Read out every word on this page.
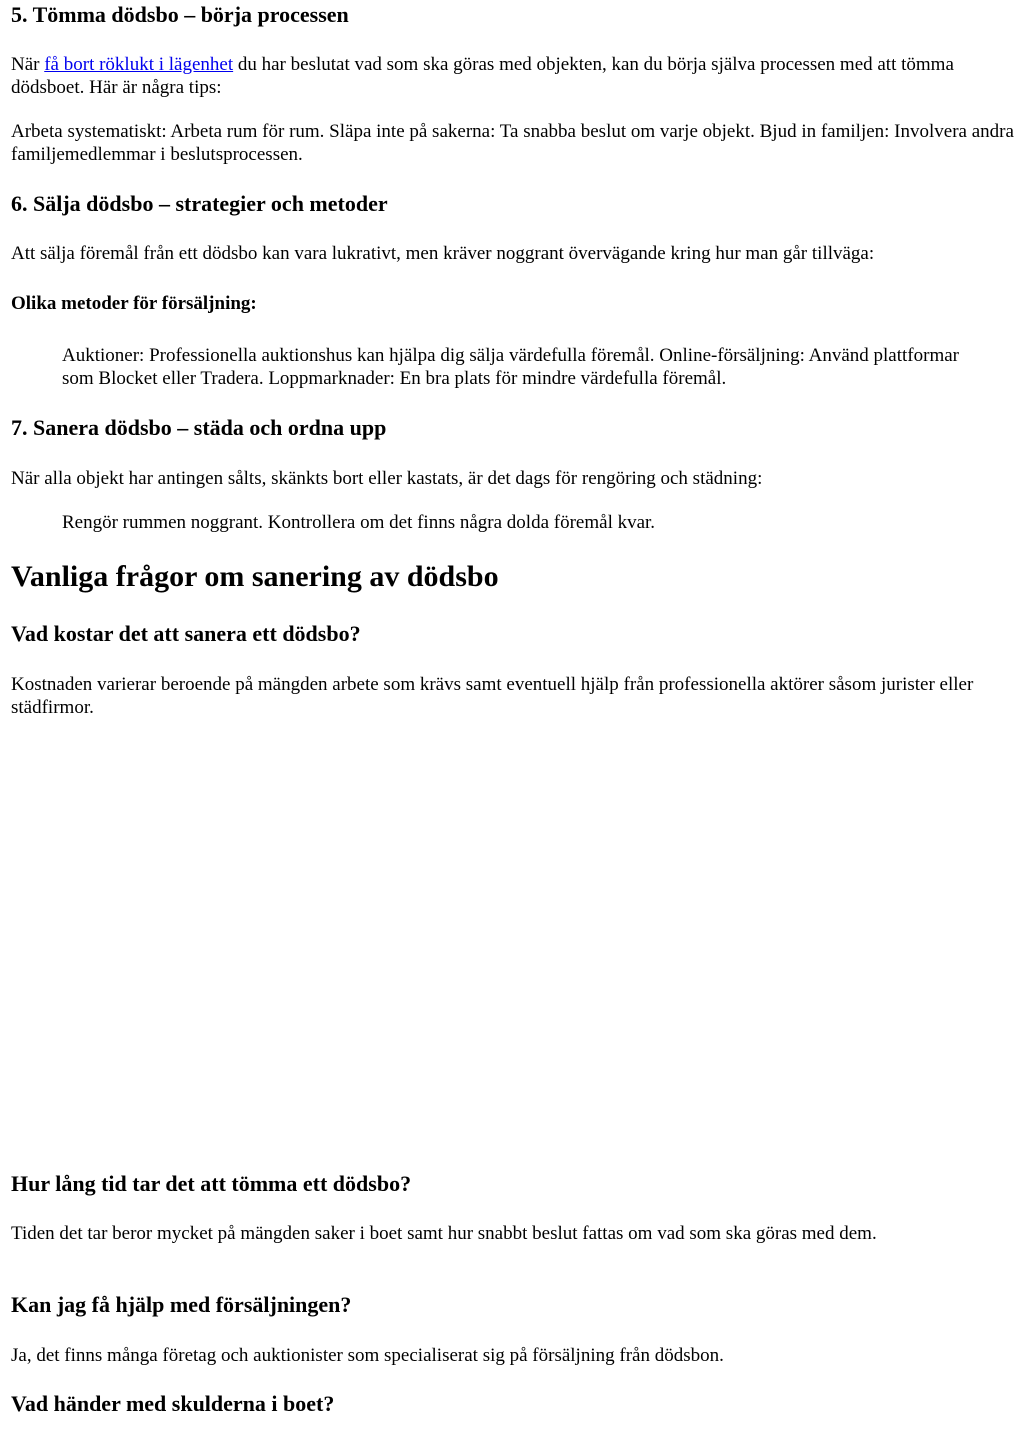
5. Tömma dödsbo – börja processen

När få bort röklukt i lägenhet du har beslutat vad som ska göras med objekten, kan du börja själva processen med att tömma dödsboet. Här är några tips:

Arbeta systematiskt: Arbeta rum för rum. Släpa inte på sakerna: Ta snabba beslut om varje objekt. Bjud in familjen: Involvera andra familjemedlemmar i beslutsprocessen.

6. Sälja dödsbo – strategier och metoder

Att sälja föremål från ett dödsbo kan vara lukrativt, men kräver noggrant övervägande kring hur man går tillväga:

Olika metoder för försäljning:

Auktioner: Professionella auktionshus kan hjälpa dig sälja värdefulla föremål. Online-försäljning: Använd plattformar som Blocket eller Tradera. Loppmarknader: En bra plats för mindre värdefulla föremål.

7. Sanera dödsbo – städa och ordna upp

När alla objekt har antingen sålts, skänkts bort eller kastats, är det dags för rengöring och städning:

Rengör rummen noggrant. Kontrollera om det finns några dolda föremål kvar.

Vanliga frågor om sanering av dödsbo
Vad kostar det att sanera ett dödsbo?

Kostnaden varierar beroende på mängden arbete som krävs samt eventuell hjälp från professionella aktörer såsom jurister eller städfirmor.

Hur lång tid tar det att tömma ett dödsbo?

Tiden det tar beror mycket på mängden saker i boet samt hur snabbt beslut fattas om vad som ska göras med dem.

Kan jag få hjälp med försäljningen?

Ja, det finns många företag och auktionister som specialiserat sig på försäljning från dödsbon.

Vad händer med skulderna i boet?
